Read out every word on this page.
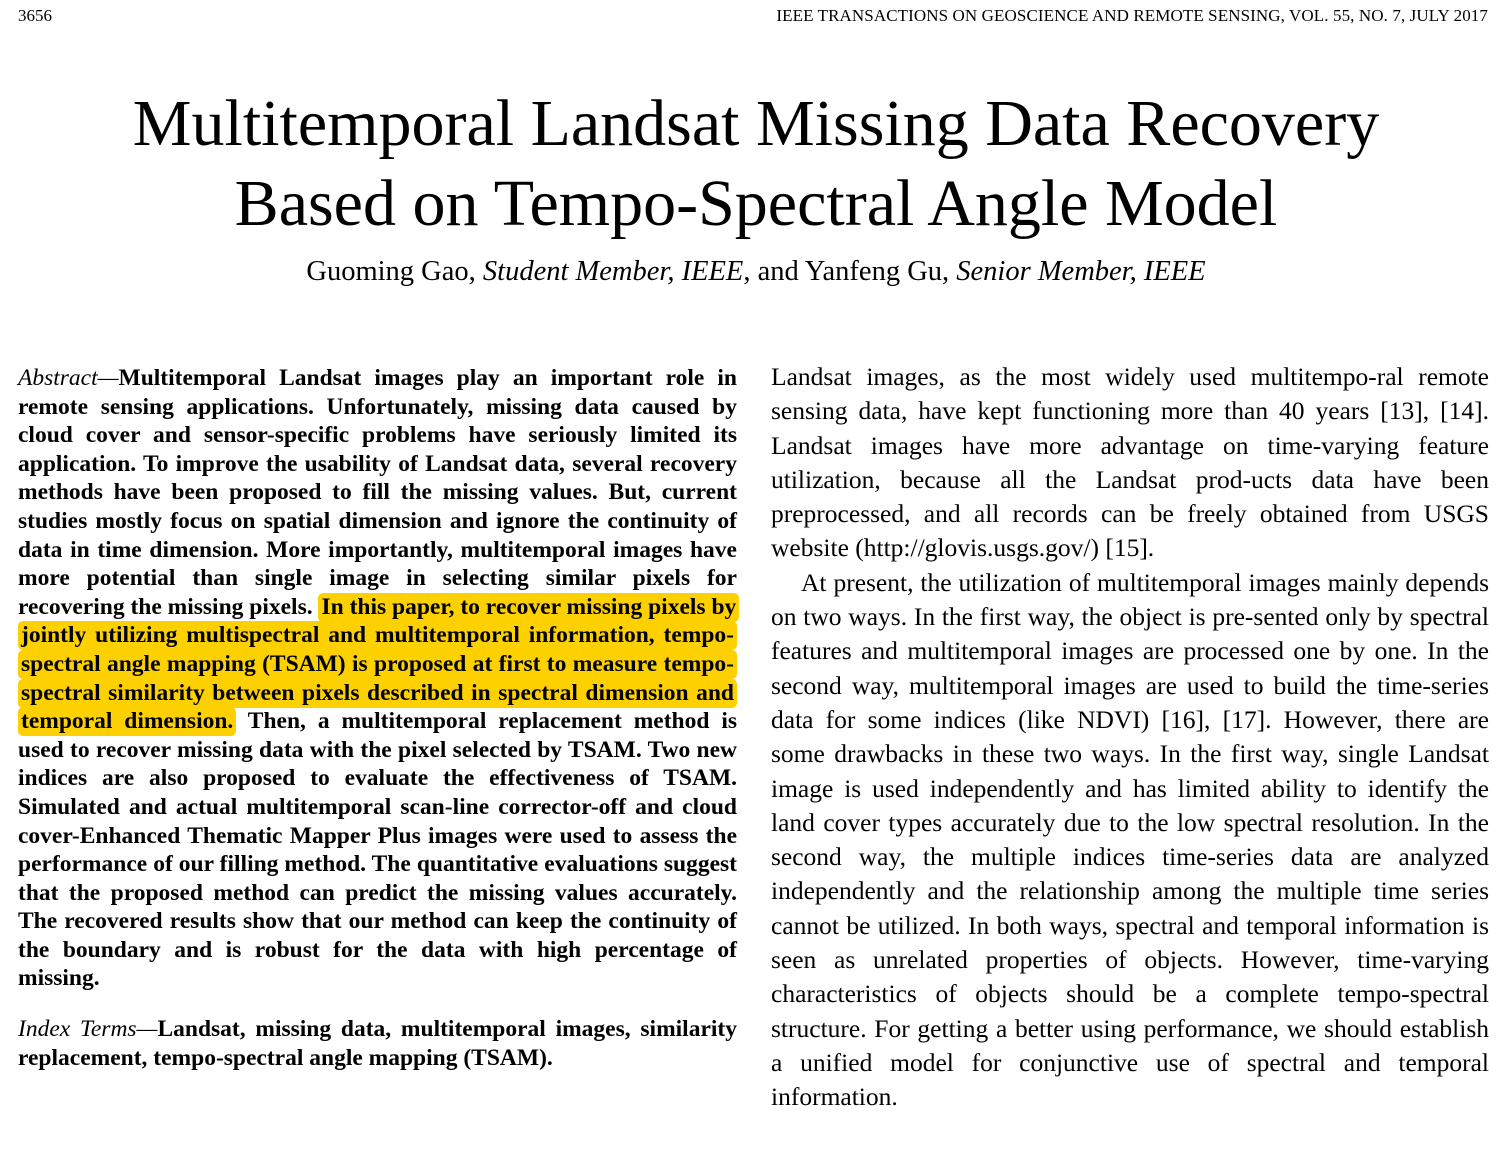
3656	IEEE TRANSACTIONS ON GEOSCIENCE AND REMOTE SENSING, VOL. 55, NO. 7, JULY 2017
Multitemporal Landsat Missing Data Recovery
Based on Tempo-Spectral Angle Model
Guoming Gao, Student Member, IEEE, and Yanfeng Gu, Senior Member, IEEE

Abstract—Multitemporal Landsat images play an important role in remote sensing applications. Unfortunately, missing data caused by cloud cover and sensor-specific problems have seriously limited its application. To improve the usability of Landsat data, several recovery methods have been proposed to fill the missing values. But, current studies mostly focus on spatial dimension and ignore the continuity of data in time dimension. More importantly, multitemporal images have more potential than single image in selecting similar pixels for recovering the missing pixels. In this paper, to recover missing pixels by jointly utilizing multispectral and multitemporal information, tempo-spectral angle mapping (TSAM) is proposed at first to measure tempo-spectral similarity between pixels described in spectral dimension and temporal dimension. Then, a multitemporal replacement method is used to recover missing data with the pixel selected by TSAM. Two new indices are also proposed to evaluate the effectiveness of TSAM. Simulated and actual multitemporal scan-line corrector-off and cloud cover-Enhanced Thematic Mapper Plus images were used to assess the performance of our filling method. The quantitative evaluations suggest that the proposed method can predict the missing values accurately. The recovered results show that our method can keep the continuity of the boundary and is robust for the data with high percentage of missing.

Index Terms—Landsat, missing data, multitemporal images, similarity replacement, tempo-spectral angle mapping (TSAM).

Landsat images, as the most widely used multitempo-ral remote sensing data, have kept functioning more than 40 years [13], [14]. Landsat images have more advantage on time-varying feature utilization, because all the Landsat prod-ucts data have been preprocessed, and all records can be freely obtained from USGS website (http://glovis.usgs.gov/) [15].

At present, the utilization of multitemporal images mainly depends on two ways. In the first way, the object is pre-sented only by spectral features and multitemporal images are processed one by one. In the second way, multitemporal images are used to build the time-series data for some indices (like NDVI) [16], [17]. However, there are some drawbacks in these two ways. In the first way, single Landsat image is used independently and has limited ability to identify the land cover types accurately due to the low spectral resolution. In the second way, the multiple indices time-series data are analyzed independently and the relationship among the multiple time series cannot be utilized. In both ways, spectral and temporal information is seen as unrelated properties of objects. However, time-varying characteristics of objects should be a complete tempo-spectral structure. For getting a better using performance, we should establish a unified model for conjunctive use of spectral and temporal information.
